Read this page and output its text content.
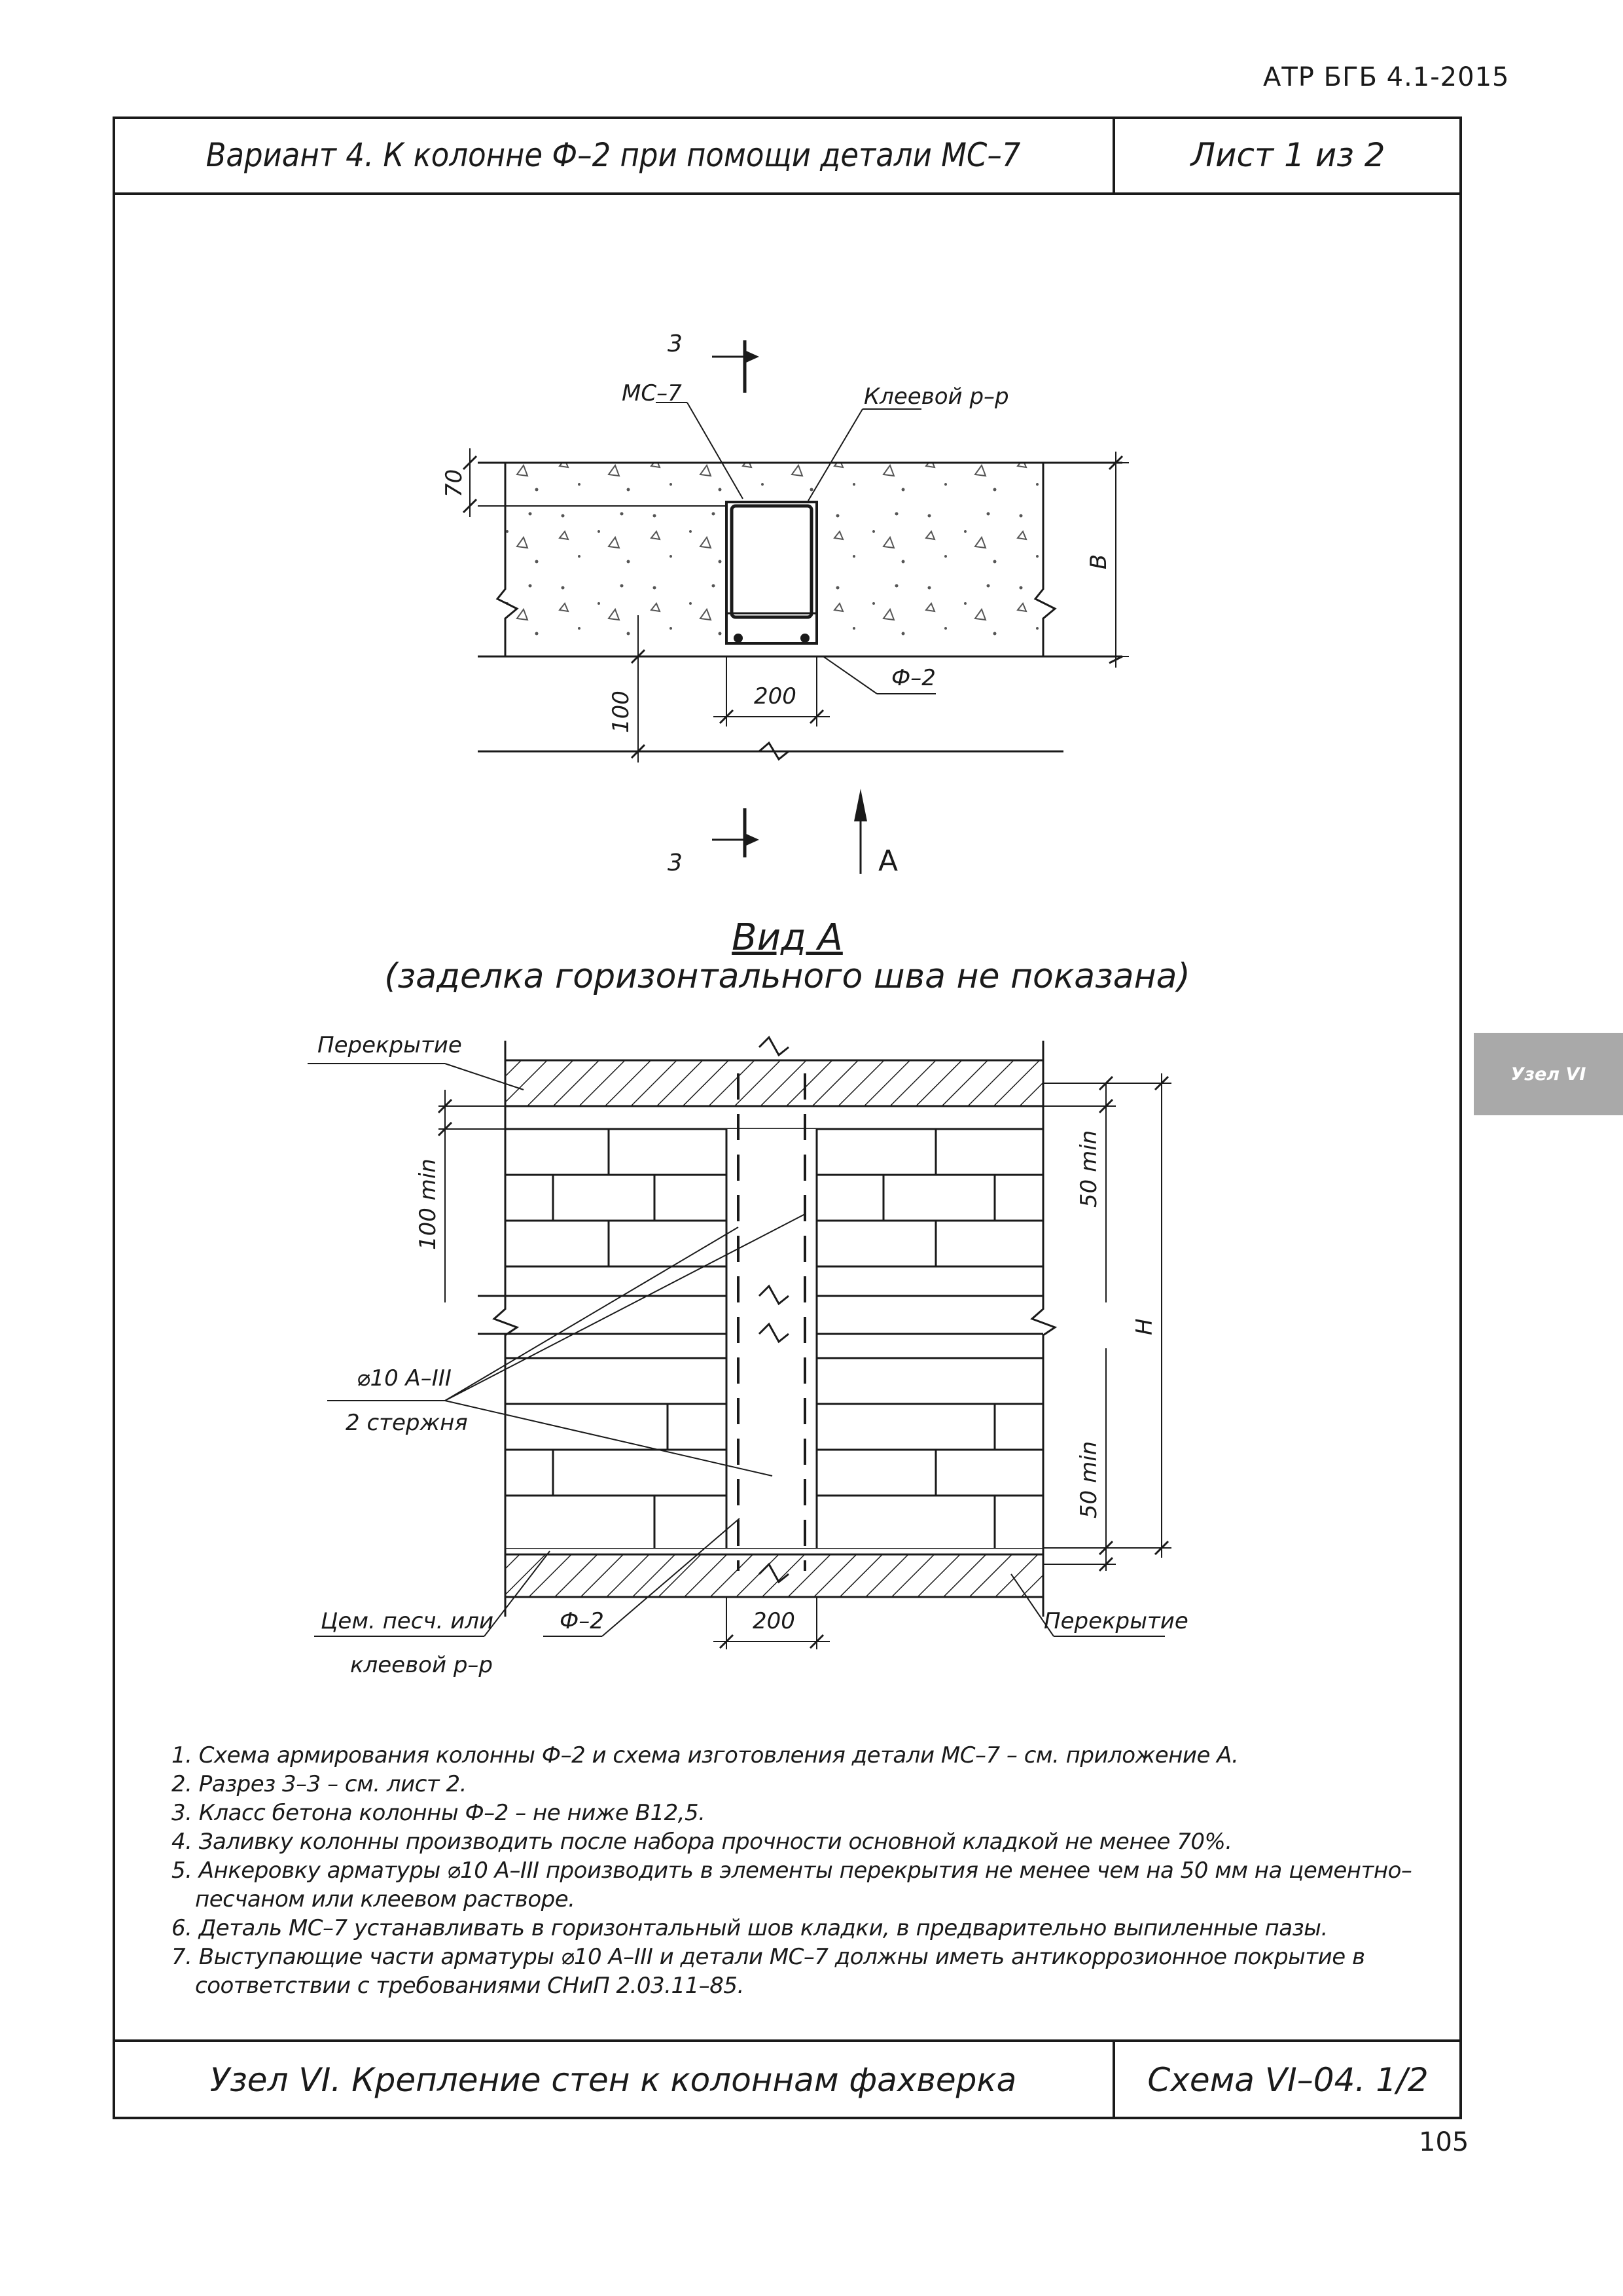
АТР БГБ 4.1-2015
Вариант 4. К колонне Ф–2 при помощи детали МС–7	Лист 1 из 2
Вид А
(заделка горизонтального шва не показана)
3
3
МС–7	Клеевой р–р
Ф–2
200
70
100
В
А
Перекрытие
⌀10 А–III
2 стержня
Цем. песч. или
клеевой р–р
Ф–2	200	Перекрытие
100 min	50 min
50 min
Н

1. Схема армирования колонны Ф–2 и схема изготовления детали МС–7 – см. приложение А.

2. Разрез 3–3 – см. лист 2.

3. Класс бетона колонны Ф–2 – не ниже В12,5.

4. Заливку колонны производить после набора прочности основной кладкой не менее 70%.

5. Анкеровку арматуры ⌀10 А–III производить в элементы перекрытия не менее чем на 50 мм на цементно–песчаном или клеевом растворе.

6. Деталь МС–7 устанавливать в горизонтальный шов кладки, в предварительно выпиленные пазы.

7. Выступающие части арматуры ⌀10 А–III и детали МС–7 должны иметь антикоррозионное покрытие в соответствии с требованиями СНиП 2.03.11–85.

Узел VI. Крепление стен к колоннам фахверка	Схема VI–04. 1/2
Узел VI
105
